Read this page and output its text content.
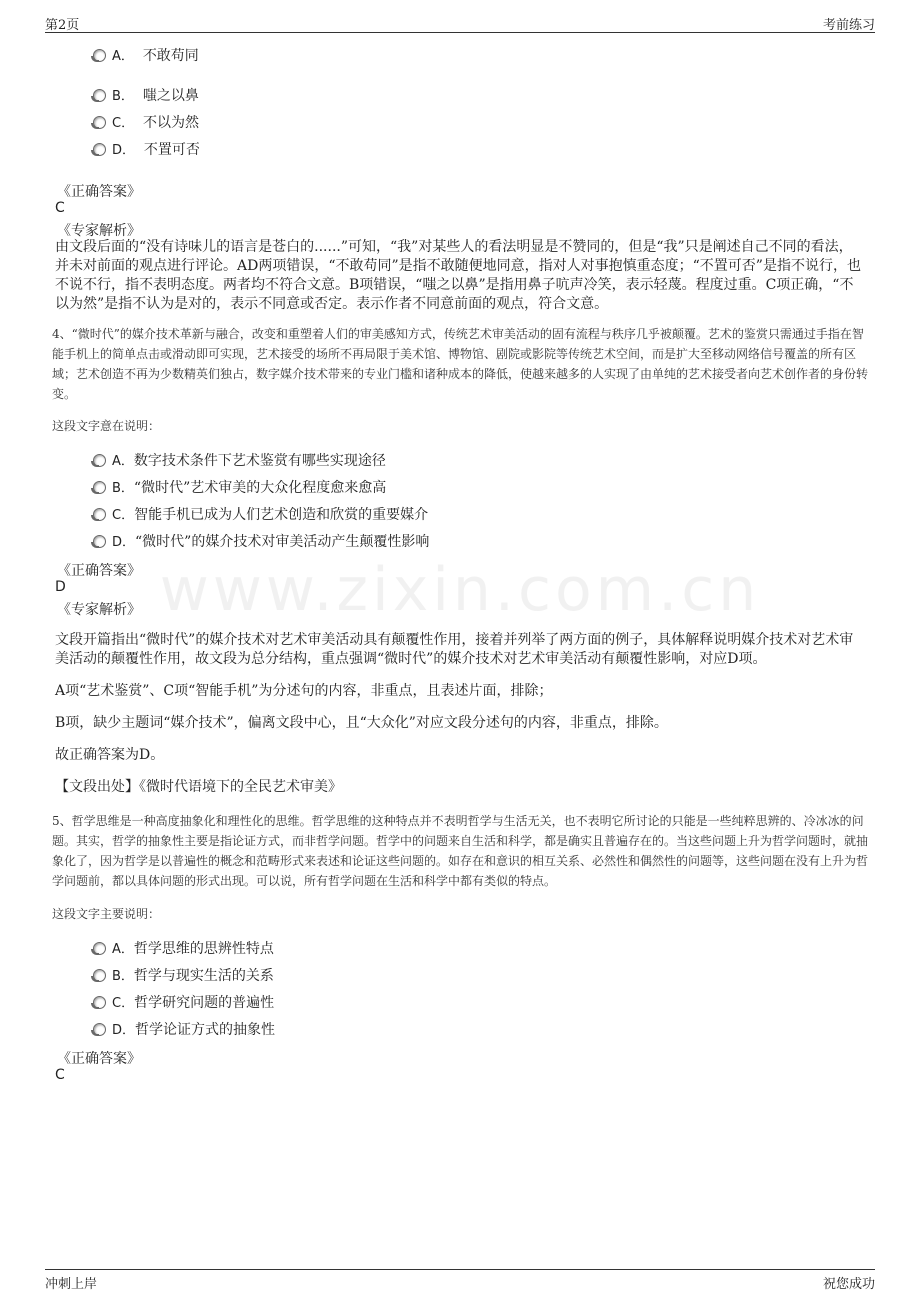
第2页	考前练习
www.zixin.com.cn
A． 不敢苟同
B． 嗤之以鼻
C． 不以为然
D． 不置可否
《正确答案》
C
《专家解析》

由文段后面的“没有诗味儿的语言是苍白的......”可知，“我”对某些人的看法明显是不赞同的，但是“我”只是阐述自己不同的看法，并未对前面的观点进行评论。AD两项错误，“不敢苟同”是指不敢随便地同意，指对人对事抱慎重态度；“不置可否”是指不说行，也不说不行，指不表明态度。两者均不符合文意。B项错误，“嗤之以鼻”是指用鼻子吭声冷笑，表示轻蔑。程度过重。C项正确，“不以为然”是指不认为是对的，表示不同意或否定。表示作者不同意前面的观点，符合文意。

4、“微时代”的媒介技术革新与融合，改变和重塑着人们的审美感知方式，传统艺术审美活动的固有流程与秩序几乎被颠覆。艺术的鉴赏只需通过手指在智能手机上的简单点击或滑动即可实现，艺术接受的场所不再局限于美术馆、博物馆、剧院或影院等传统艺术空间，而是扩大至移动网络信号覆盖的所有区域；艺术创造不再为少数精英们独占，数字媒介技术带来的专业门槛和诸种成本的降低，使越来越多的人实现了由单纯的艺术接受者向艺术创作者的身份转变。

这段文字意在说明：
A．数字技术条件下艺术鉴赏有哪些实现途径
B．“微时代”艺术审美的大众化程度愈来愈高
C．智能手机已成为人们艺术创造和欣赏的重要媒介
D．“微时代”的媒介技术对审美活动产生颠覆性影响
《正确答案》
D
《专家解析》

文段开篇指出“微时代”的媒介技术对艺术审美活动具有颠覆性作用，接着并列举了两方面的例子，具体解释说明媒介技术对艺术审美活动的颠覆性作用，故文段为总分结构，重点强调“微时代”的媒介技术对艺术审美活动有颠覆性影响，对应D项。

A项“艺术鉴赏”、C项“智能手机”为分述句的内容，非重点，且表述片面，排除；

B项，缺少主题词“媒介技术”，偏离文段中心，且“大众化”对应文段分述句的内容，非重点，排除。

故正确答案为D。

【文段出处】《微时代语境下的全民艺术审美》

5、哲学思维是一种高度抽象化和理性化的思维。哲学思维的这种特点并不表明哲学与生活无关，也不表明它所讨论的只能是一些纯粹思辨的、冷冰冰的问题。其实，哲学的抽象性主要是指论证方式，而非哲学问题。哲学中的问题来自生活和科学，都是确实且普遍存在的。当这些问题上升为哲学问题时，就抽象化了，因为哲学是以普遍性的概念和范畴形式来表述和论证这些问题的。如存在和意识的相互关系、必然性和偶然性的问题等，这些问题在没有上升为哲学问题前，都以具体问题的形式出现。可以说，所有哲学问题在生活和科学中都有类似的特点。

这段文字主要说明：
A．哲学思维的思辨性特点
B．哲学与现实生活的关系
C．哲学研究问题的普遍性
D．哲学论证方式的抽象性
《正确答案》
C
冲刺上岸	祝您成功
